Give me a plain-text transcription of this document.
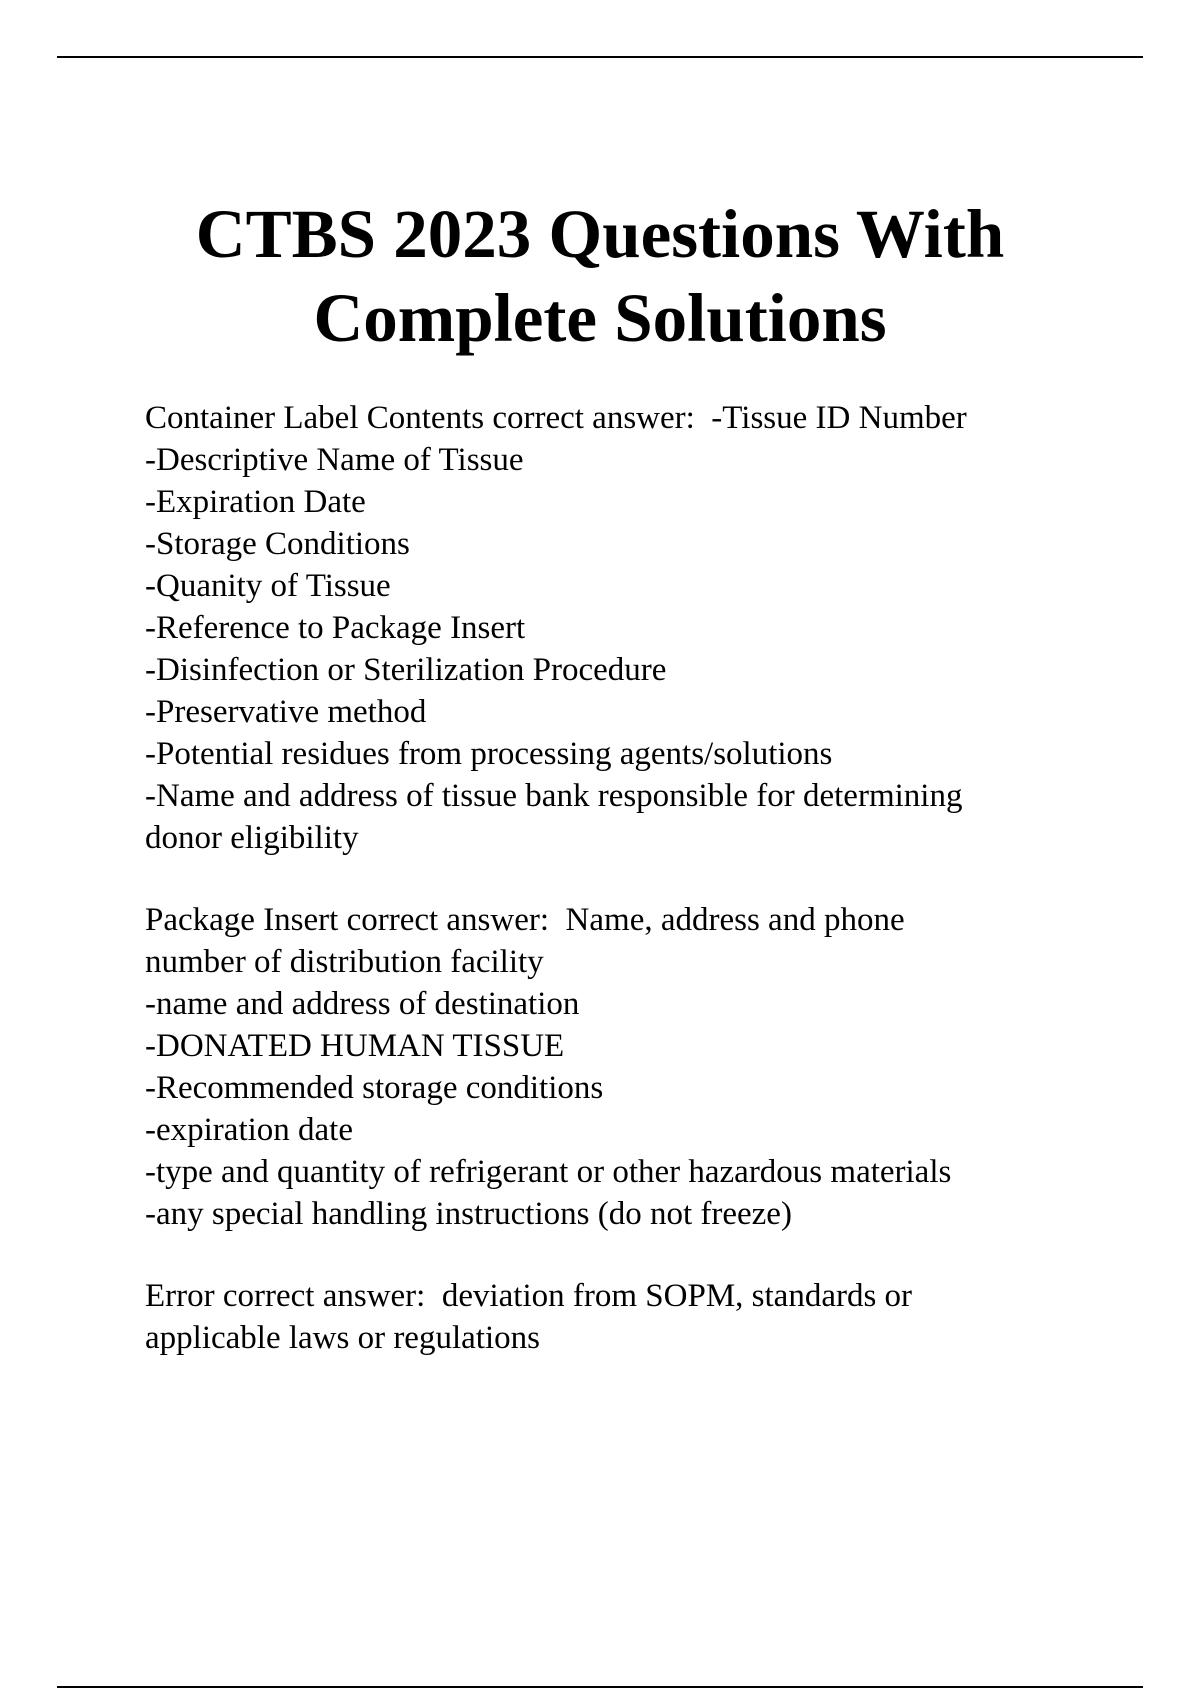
CTBS 2023 Questions With
Complete Solutions
Container Label Contents correct answer:  -Tissue ID Number
-Descriptive Name of Tissue
-Expiration Date
-Storage Conditions
-Quanity of Tissue
-Reference to Package Insert
-Disinfection or Sterilization Procedure
-Preservative method
-Potential residues from processing agents/solutions
-Name and address of tissue bank responsible for determining
donor eligibility
Package Insert correct answer:  Name, address and phone
number of distribution facility
-name and address of destination
-DONATED HUMAN TISSUE
-Recommended storage conditions
-expiration date
-type and quantity of refrigerant or other hazardous materials
-any special handling instructions (do not freeze)
Error correct answer:  deviation from SOPM, standards or
applicable laws or regulations
